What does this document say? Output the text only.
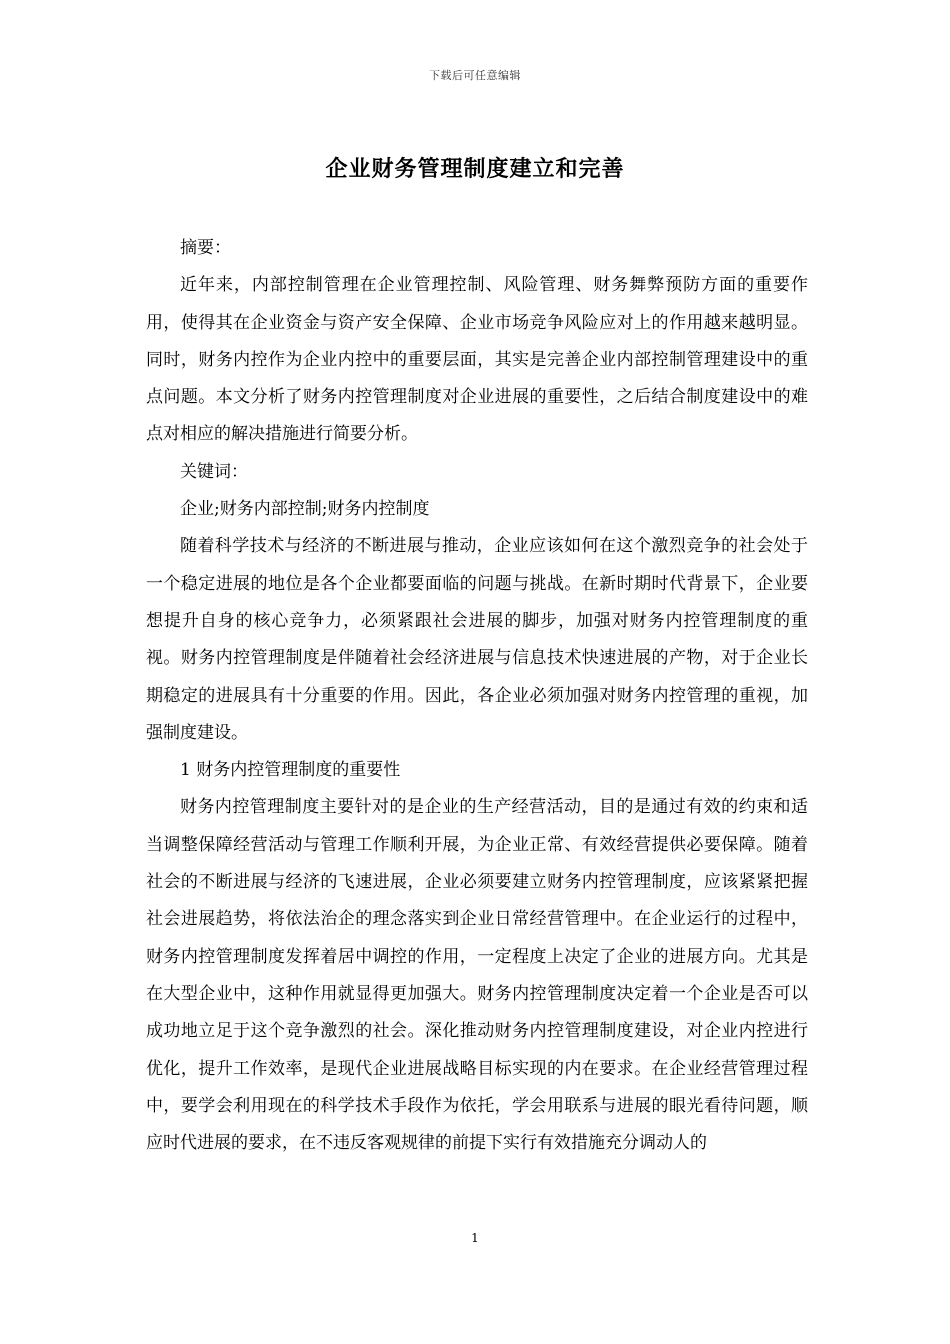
下载后可任意编辑
企业财务管理制度建立和完善

摘要：

近年来，内部控制管理在企业管理控制、风险管理、财务舞弊预防方面的重要作用，使得其在企业资金与资产安全保障、企业市场竞争风险应对上的作用越来越明显。同时，财务内控作为企业内控中的重要层面，其实是完善企业内部控制管理建设中的重点问题。本文分析了财务内控管理制度对企业进展的重要性，之后结合制度建设中的难点对相应的解决措施进行简要分析。

关键词：

企业;财务内部控制;财务内控制度

随着科学技术与经济的不断进展与推动，企业应该如何在这个激烈竞争的社会处于一个稳定进展的地位是各个企业都要面临的问题与挑战。在新时期时代背景下，企业要想提升自身的核心竞争力，必须紧跟社会进展的脚步，加强对财务内控管理制度的重视。财务内控管理制度是伴随着社会经济进展与信息技术快速进展的产物，对于企业长期稳定的进展具有十分重要的作用。因此，各企业必须加强对财务内控管理的重视，加强制度建设。

1 财务内控管理制度的重要性

财务内控管理制度主要针对的是企业的生产经营活动，目的是通过有效的约束和适当调整保障经营活动与管理工作顺利开展，为企业正常、有效经营提供必要保障。随着社会的不断进展与经济的飞速进展，企业必须要建立财务内控管理制度，应该紧紧把握社会进展趋势，将依法治企的理念落实到企业日常经营管理中。在企业运行的过程中，财务内控管理制度发挥着居中调控的作用，一定程度上决定了企业的进展方向。尤其是在大型企业中，这种作用就显得更加强大。财务内控管理制度决定着一个企业是否可以成功地立足于这个竞争激烈的社会。深化推动财务内控管理制度建设，对企业内控进行优化，提升工作效率，是现代企业进展战略目标实现的内在要求。在企业经营管理过程中，要学会利用现在的科学技术手段作为依托，学会用联系与进展的眼光看待问题，顺应时代进展的要求，在不违反客观规律的前提下实行有效措施充分调动人的

1
